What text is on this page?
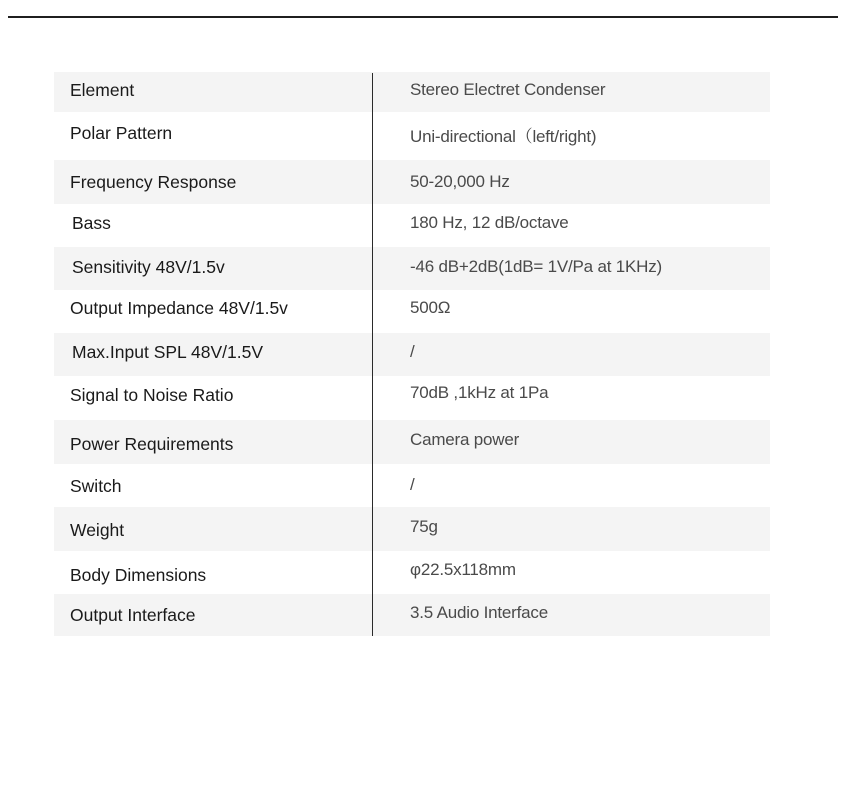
Element	Stereo Electret Condenser
Polar Pattern	Uni-directional（left/right)
Frequency Response	50-20,000 Hz
Bass	180 Hz, 12 dB/octave
Sensitivity 48V/1.5v	-46 dB+2dB(1dB= 1V/Pa at 1KHz)
Output Impedance 48V/1.5v	500Ω
Max.Input SPL 48V/1.5V	/
Signal to Noise Ratio	70dB ,1kHz at 1Pa
Power Requirements	Camera power
Switch	/
Weight	75g
Body Dimensions	φ22.5x118mm
Output Interface	3.5 Audio Interface
